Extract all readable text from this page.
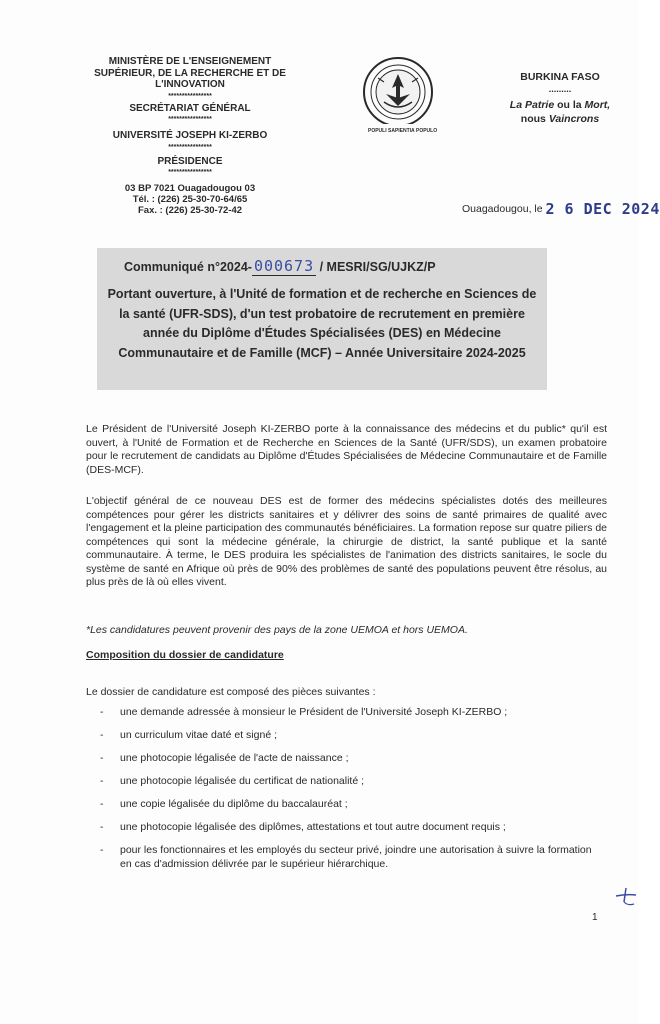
MINISTÈRE DE L'ENSEIGNEMENT SUPÉRIEUR, DE LA RECHERCHE ET DE L'INNOVATION
****************
SECRÉTARIAT GÉNÉRAL
****************
UNIVERSITÉ JOSEPH KI-ZERBO
****************
PRÉSIDENCE
****************
03 BP 7021 Ouagadougou 03
Tél. : (226) 25-30-70-64/65
Fax. : (226) 25-30-72-42
POPULI SAPIENTIA POPULO
BURKINA FASO
.........
La Patrie ou la Mort,
nous Vaincrons
Ouagadougou, le 2 6 DEC 2024
Communiqué n°2024- 000673 / MESRI/SG/UJKZ/P
Portant ouverture, à l'Unité de formation et de recherche en Sciences de la santé (UFR-SDS), d'un test probatoire de recrutement en première année du Diplôme d'Études Spécialisées (DES) en Médecine Communautaire et de Famille (MCF) – Année Universitaire 2024-2025
Le Président de l'Université Joseph KI-ZERBO porte à la connaissance des médecins et du public* qu'il est ouvert, à l'Unité de Formation et de Recherche en Sciences de la Santé (UFR/SDS), un examen probatoire pour le recrutement de candidats au Diplôme d'Études Spécialisées de Médecine Communautaire et de Famille (DES-MCF).
L'objectif général de ce nouveau DES est de former des médecins spécialistes dotés des meilleures compétences pour gérer les districts sanitaires et y délivrer des soins de santé primaires de qualité avec l'engagement et la pleine participation des communautés bénéficiaires. La formation repose sur quatre piliers de compétences qui sont la médecine générale, la chirurgie de district, la santé publique et la santé communautaire. À terme, le DES produira les spécialistes de l'animation des districts sanitaires, le socle du système de santé en Afrique où près de 90% des problèmes de santé des populations peuvent être résolus, au plus près de là où elles vivent.
*Les candidatures peuvent provenir des pays de la zone UEMOA et hors UEMOA.
Composition du dossier de candidature
Le dossier de candidature est composé des pièces suivantes :
- une demande adressée à monsieur le Président de l'Université Joseph KI-ZERBO ;
- un curriculum vitae daté et signé ;
- une photocopie légalisée de l'acte de naissance ;
- une photocopie légalisée du certificat de nationalité ;
- une copie légalisée du diplôme du baccalauréat ;
- une photocopie légalisée des diplômes, attestations et tout autre document requis ;
- pour les fonctionnaires et les employés du secteur privé, joindre une autorisation à suivre la formation en cas d'admission délivrée par le supérieur hiérarchique.
1
